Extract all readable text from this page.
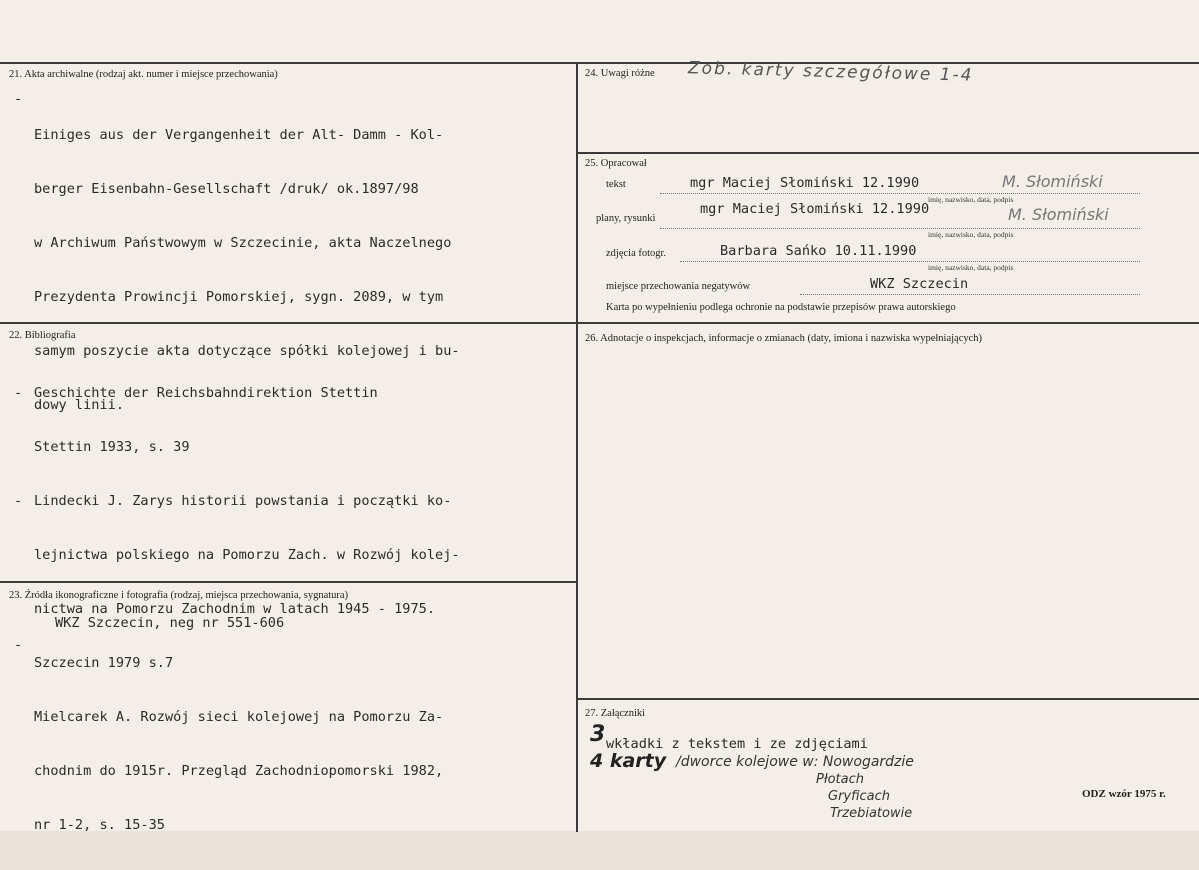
21. Akta archiwalne (rodzaj akt. numer i miejsce przechowania)

Einiges aus der Vergangenheit der Alt- Damm - Kol-

berger Eisenbahn-Gesellschaft /druk/ ok.1897/98

w Archiwum Państwowym w Szczecinie, akta Naczelnego

Prezydenta Prowincji Pomorskiej, sygn. 2089, w tym

samym poszycie akta dotyczące spółki kolejowej i bu-

dowy linii.

-
22. Bibliografia

-

-

-

Geschichte der Reichsbahndirektion Stettin

Stettin 1933, s. 39

Lindecki J. Zarys historii powstania i początki ko-

lejnictwa polskiego na Pomorzu Zach. w Rozwój kolej-

nictwa na Pomorzu Zachodnim w latach 1945 - 1975.

Szczecin 1979 s.7

Mielcarek A. Rozwój sieci kolejowej na Pomorzu Za-

chodnim do 1915r. Przegląd Zachodniopomorski 1982,

nr 1-2, s. 15-35

23. Źródła ikonograficzne i fotografia (rodzaj, miejsca przechowania, sygnatura)
WKZ Szczecin, neg nr 551-606
24. Uwagi różne Zob. karty szczegółowe 1-4
25. Opracował
tekst	mgr Maciej Słomiński 12.1990	M. Słomiński
imię, nazwisko, data, podpis
plany, rysunki
mgr Maciej Słomiński 12.1990	M. Słomiński
imię, nazwisko, data, podpis
zdjęcia fotogr.	Barbara Sańko 10.11.1990
imię, nazwisko, data, podpis
miejsce przechowania negatywów	WKZ Szczecin
Karta po wypełnieniu podlega ochronie na podstawie przepisów prawa autorskiego
26. Adnotacje o inspekcjach, informacje o zmianach (daty, imiona i nazwiska wypełniających)
27. Załączniki
3 wkładki z tekstem i ze zdjęciami
4 karty /dworce kolejowe w: Nowogardzie
Płotach
Gryficach
Trzebiatowie
ODZ wzór 1975 r.
